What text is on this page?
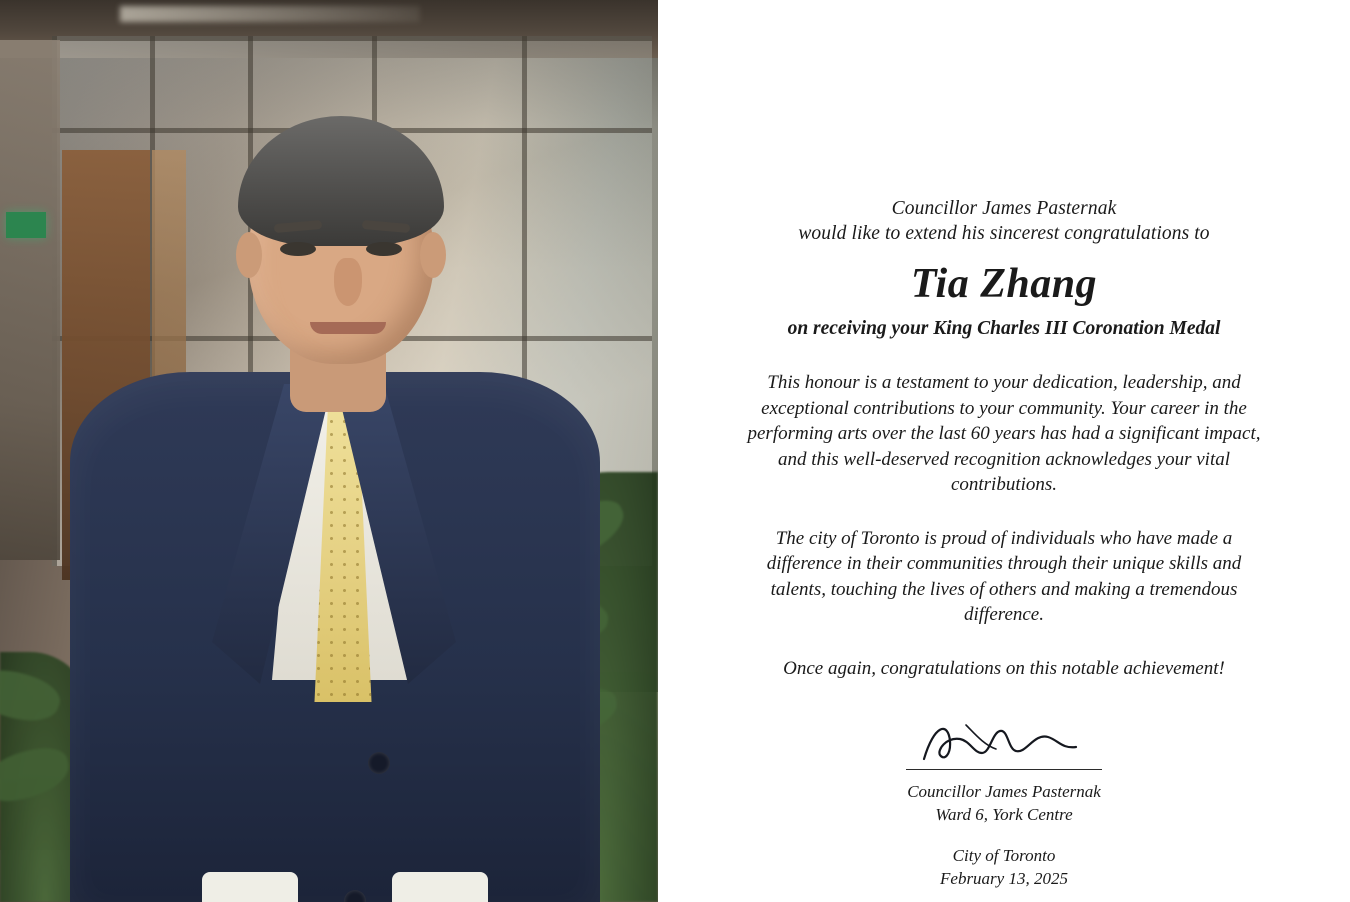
Councillor James Pasternak
would like to extend his sincerest congratulations to
Tia Zhang
on receiving your King Charles III Coronation Medal

This honour is a testament to your dedication, leadership, and exceptional contributions to your community. Your career in the performing arts over the last 60 years has had a significant impact, and this well-deserved recognition acknowledges your vital contributions.

The city of Toronto is proud of individuals who have made a difference in their communities through their unique skills and talents, touching the lives of others and making a tremendous difference.

Once again, congratulations on this notable achievement!

Councillor James Pasternak
Ward 6, York Centre
City of Toronto
February 13, 2025
